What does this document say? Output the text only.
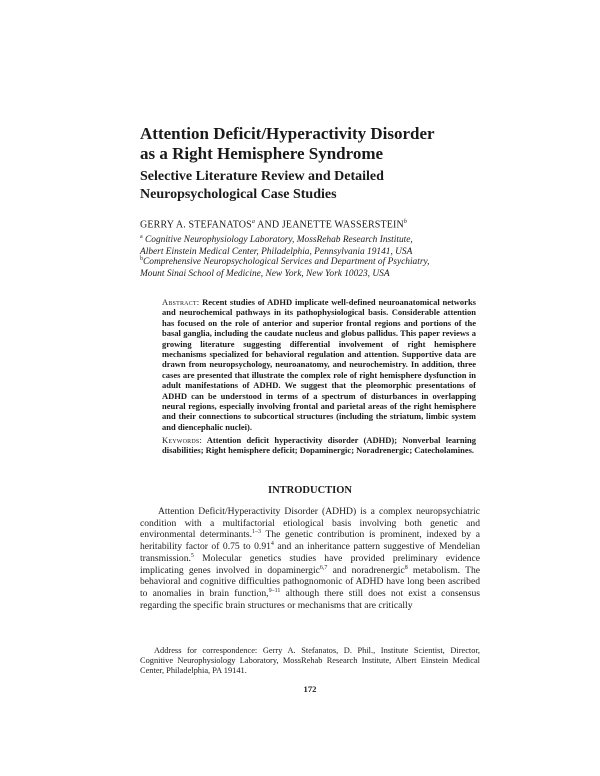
Attention Deficit/Hyperactivity Disorder
as a Right Hemisphere Syndrome
Selective Literature Review and Detailed
Neuropsychological Case Studies

GERRY A. STEFANATOS$^a$ AND JEANETTE WASSERSTEIN$^b$

$^a$ Cognitive Neurophysiology Laboratory, MossRehab Research Institute,
Albert Einstein Medical Center, Philadelphia, Pennsylvania 19141, USA

$^b$Comprehensive Neuropsychological Services and Department of Psychiatry,
Mount Sinai School of Medicine, New York, New York 10023, USA

Abstract: Recent studies of ADHD implicate well-defined neuroanatomical networks and neurochemical pathways in its pathophysiological basis. Considerable attention has focused on the role of anterior and superior frontal regions and portions of the basal ganglia, including the caudate nucleus and globus pallidus. This paper reviews a growing literature suggesting differential involvement of right hemisphere mechanisms specialized for behavioral regulation and attention. Supportive data are drawn from neuropsychology, neuroanatomy, and neurochemistry. In addition, three cases are presented that illustrate the complex role of right hemisphere dysfunction in adult manifestations of ADHD. We suggest that the pleomorphic presentations of ADHD can be understood in terms of a spectrum of disturbances in overlapping neural regions, especially involving frontal and parietal areas of the right hemisphere and their connections to subcortical structures (including the striatum, limbic system and diencephalic nuclei).

Keywords: Attention deficit hyperactivity disorder (ADHD); Nonverbal learning disabilities; Right hemisphere deficit; Dopaminergic; Noradrenergic; Catecholamines.

INTRODUCTION

Attention Deficit/Hyperactivity Disorder (ADHD) is a complex neuropsychiatric condition with a multifactorial etiological basis involving both genetic and environmental determinants.$^{1-3}$ The genetic contribution is prominent, indexed by a heritability factor of 0.75 to 0.91$^4$ and an inheritance pattern suggestive of Mendelian transmission.$^5$ Molecular genetics studies have provided preliminary evidence implicating genes involved in dopaminergic$^{6,7}$ and noradrenergic$^8$ metabolism. The behavioral and cognitive difficulties pathognomonic of ADHD have long been ascribed to anomalies in brain function,$^{9-11}$ although there still does not exist a consensus regarding the specific brain structures or mechanisms that are critically

Address for correspondence: Gerry A. Stefanatos, D. Phil., Institute Scientist, Director, Cognitive Neurophysiology Laboratory, MossRehab Research Institute, Albert Einstein Medical Center, Philadelphia, PA 19141.

172
